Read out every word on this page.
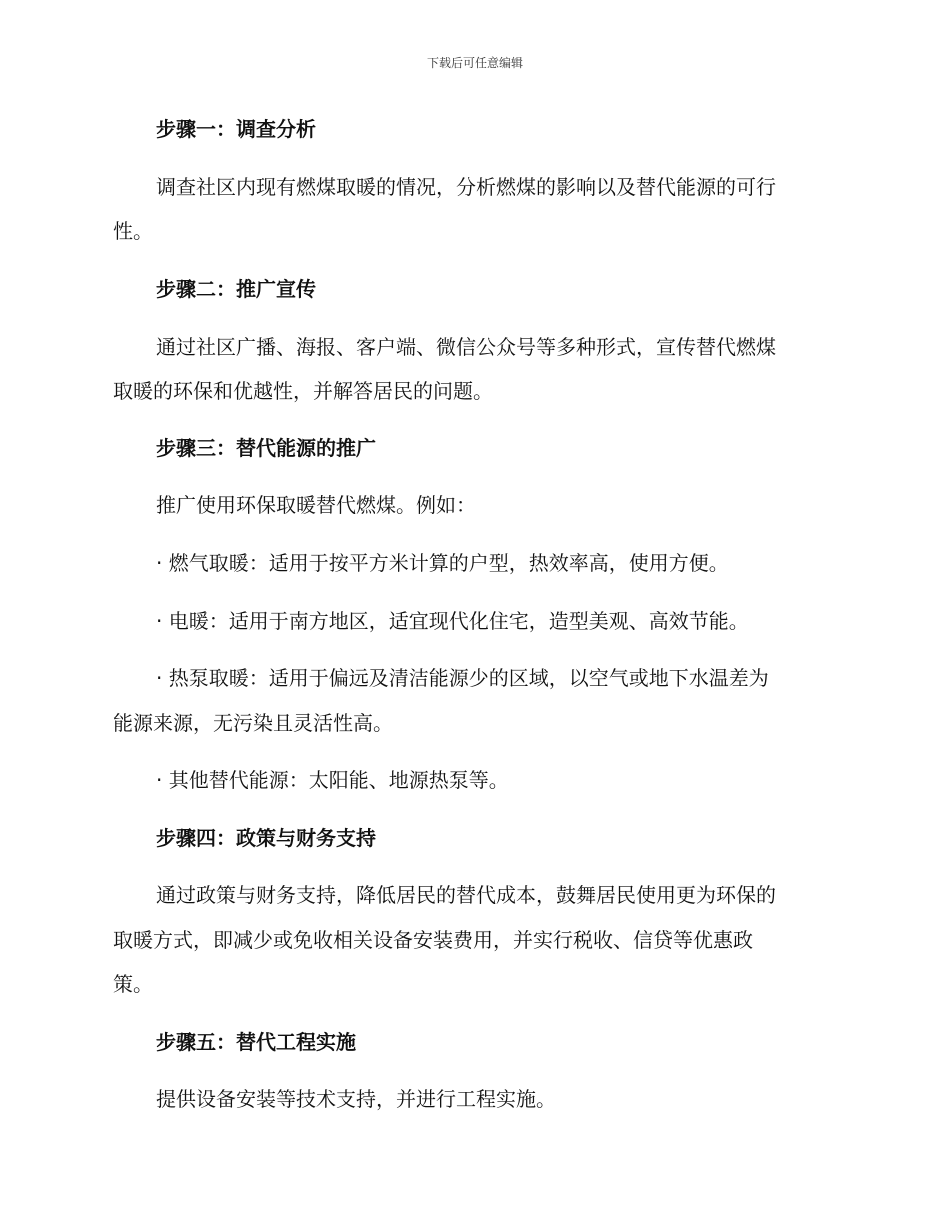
下载后可任意编辑
步骤一：调查分析
调查社区内现有燃煤取暖的情况，分析燃煤的影响以及替代能源的可行
性。
步骤二：推广宣传
通过社区广播、海报、客户端、微信公众号等多种形式，宣传替代燃煤
取暖的环保和优越性，并解答居民的问题。
步骤三：替代能源的推广
推广使用环保取暖替代燃煤。例如：
· 燃气取暖：适用于按平方米计算的户型，热效率高，使用方便。
· 电暖：适用于南方地区，适宜现代化住宅，造型美观、高效节能。
· 热泵取暖：适用于偏远及清洁能源少的区域，以空气或地下水温差为
能源来源，无污染且灵活性高。
· 其他替代能源：太阳能、地源热泵等。
步骤四：政策与财务支持
通过政策与财务支持，降低居民的替代成本，鼓舞居民使用更为环保的
取暖方式，即减少或免收相关设备安装费用，并实行税收、信贷等优惠政
策。
步骤五：替代工程实施
提供设备安装等技术支持，并进行工程实施。
